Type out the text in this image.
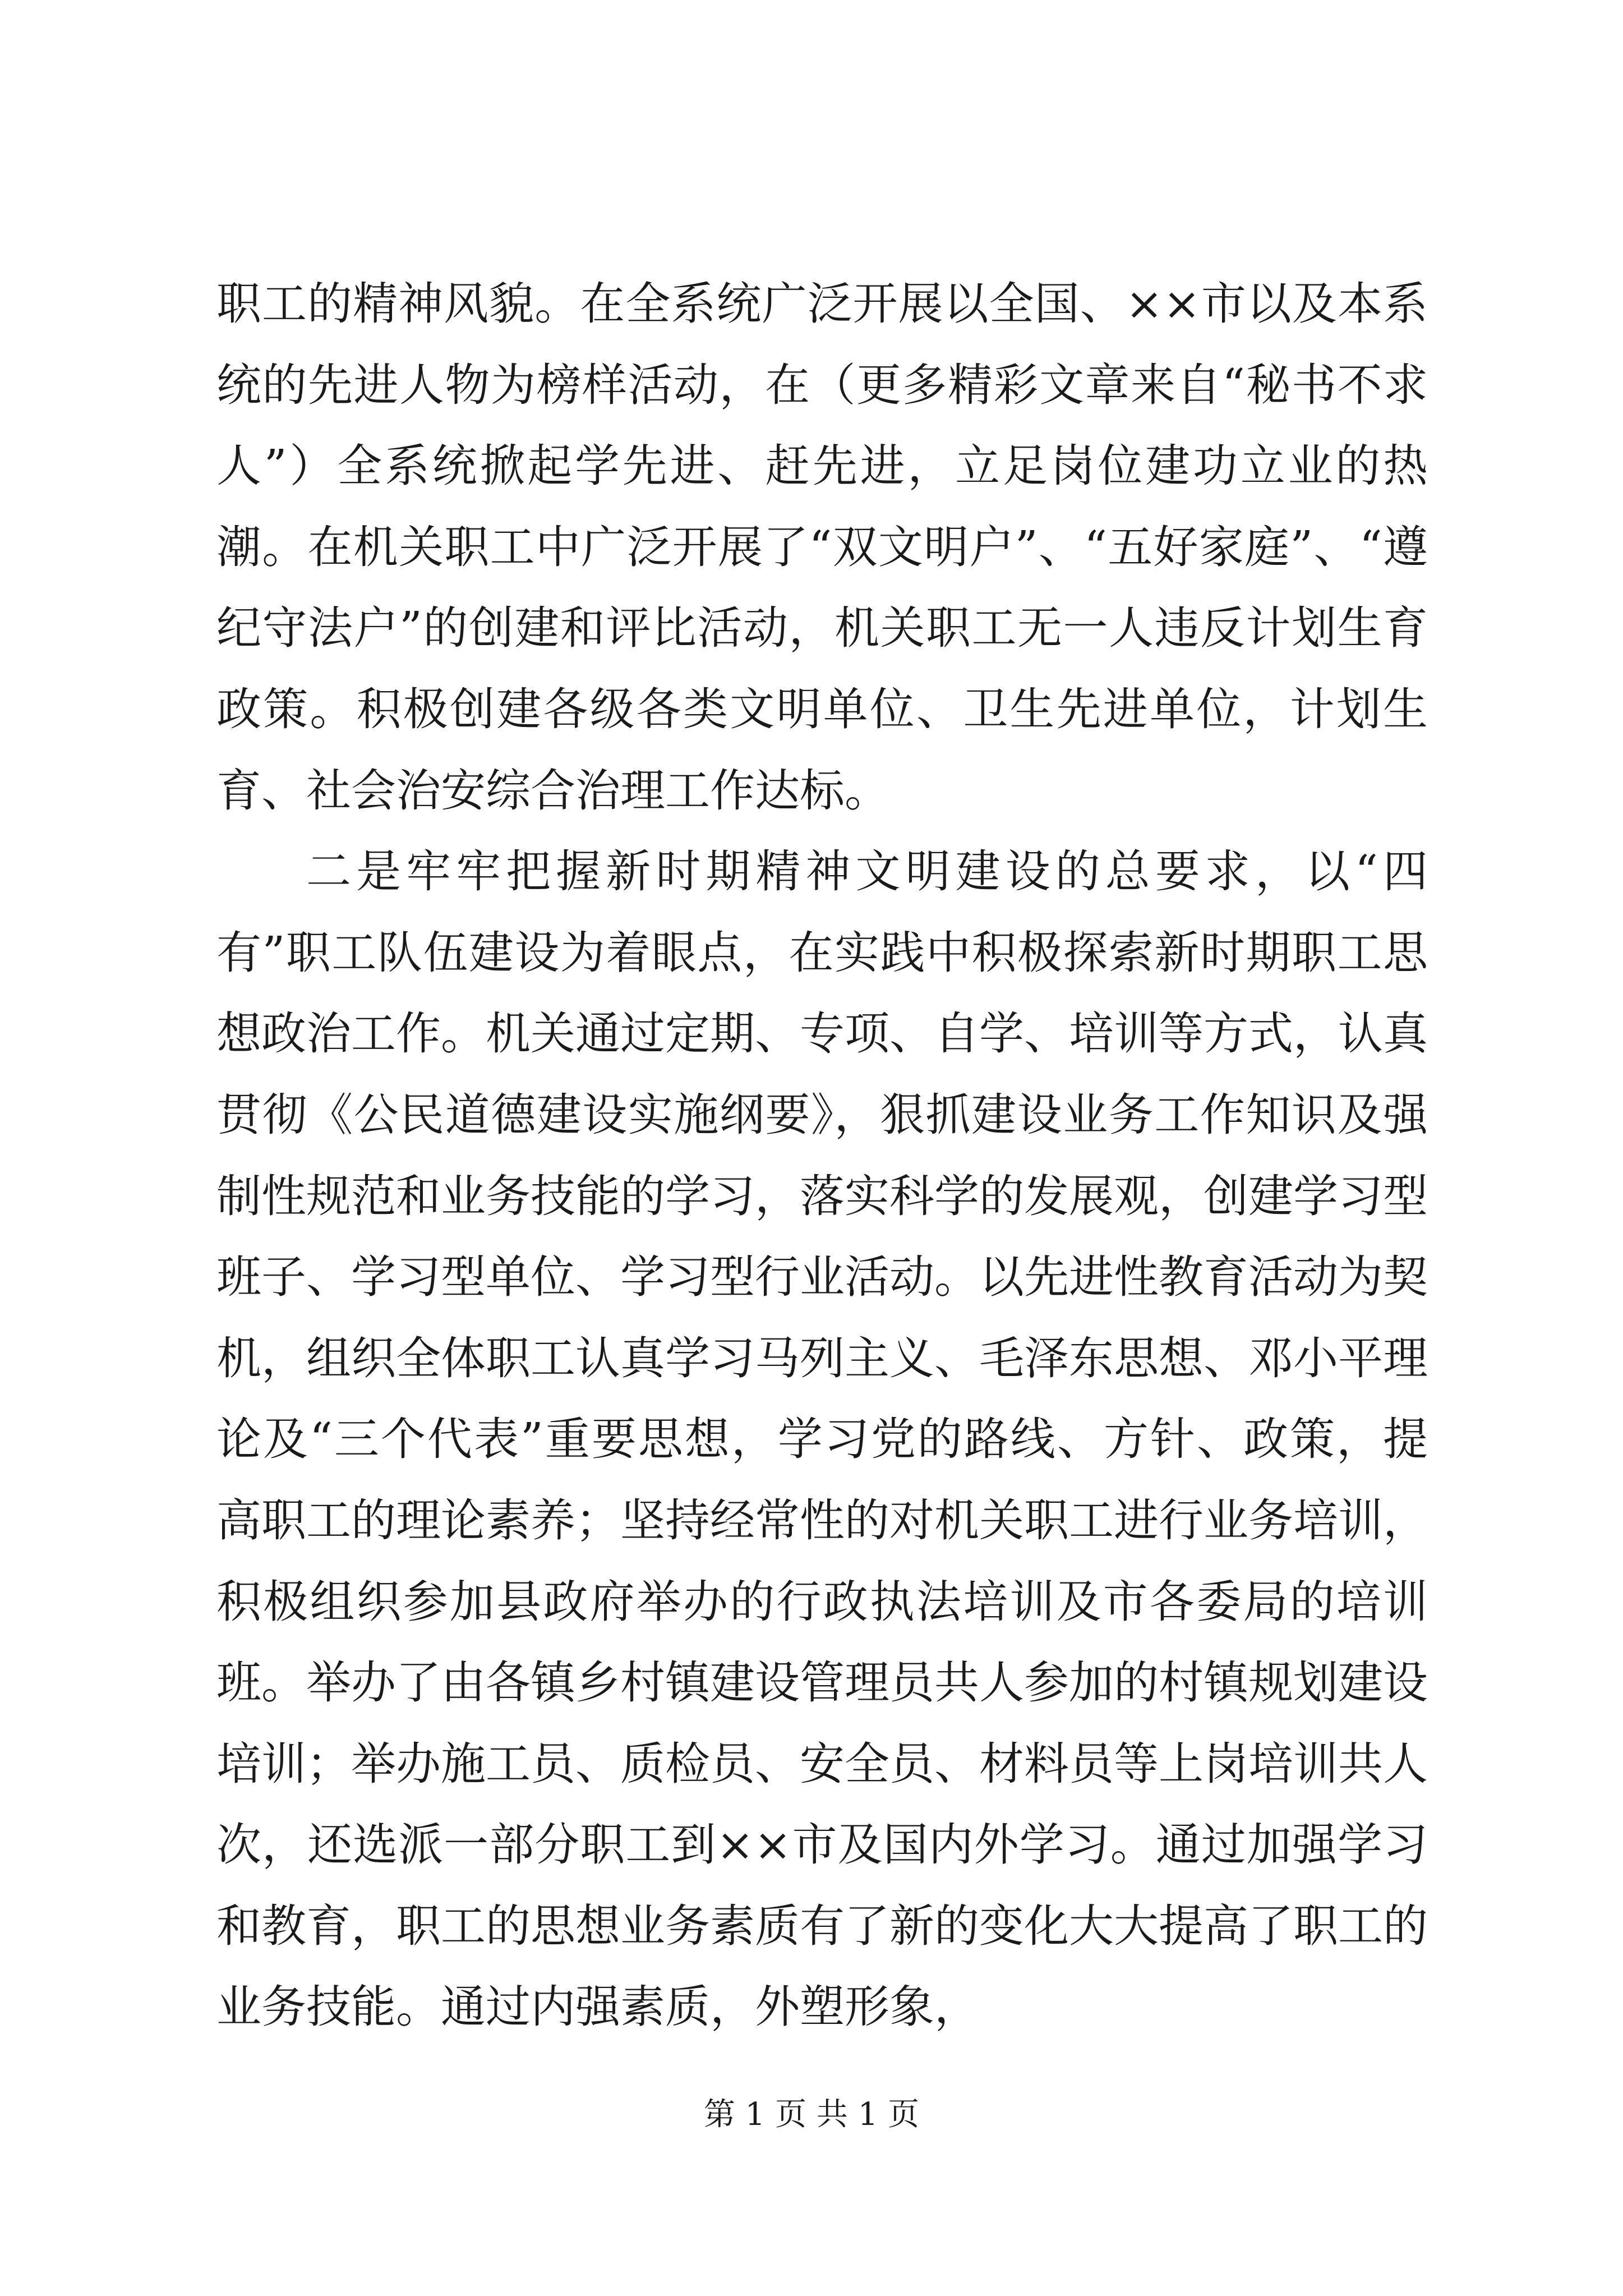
职工的精神风貌。在全系统广泛开展以全国、××市以及本系统的先进人物为榜样活动，在（更多精彩文章来自“秘书不求人”）全系统掀起学先进、赶先进，立足岗位建功立业的热潮。在机关职工中广泛开展了“双文明户”、“五好家庭”、“遵纪守法户”的创建和评比活动，机关职工无一人违反计划生育政策。积极创建各级各类文明单位、卫生先进单位，计划生育、社会治安综合治理工作达标。

二是牢牢把握新时期精神文明建设的总要求，以“四有”职工队伍建设为着眼点，在实践中积极探索新时期职工思想政治工作。机关通过定期、专项、自学、培训等方式，认真贯彻《公民道德建设实施纲要》，狠抓建设业务工作知识及强制性规范和业务技能的学习，落实科学的发展观，创建学习型班子、学习型单位、学习型行业活动。以先进性教育活动为契机，组织全体职工认真学习马列主义、毛泽东思想、邓小平理论及“三个代表”重要思想，学习党的路线、方针、政策，提高职工的理论素养；坚持经常性的对机关职工进行业务培训，积极组织参加县政府举办的行政执法培训及市各委局的培训班。举办了由各镇乡村镇建设管理员共人参加的村镇规划建设培训；举办施工员、质检员、安全员、材料员等上岗培训共人次，还选派一部分职工到××市及国内外学习。通过加强学习和教育，职工的思想业务素质有了新的变化大大提高了职工的业务技能。通过内强素质，外塑形象，

第 1 页 共 1 页
